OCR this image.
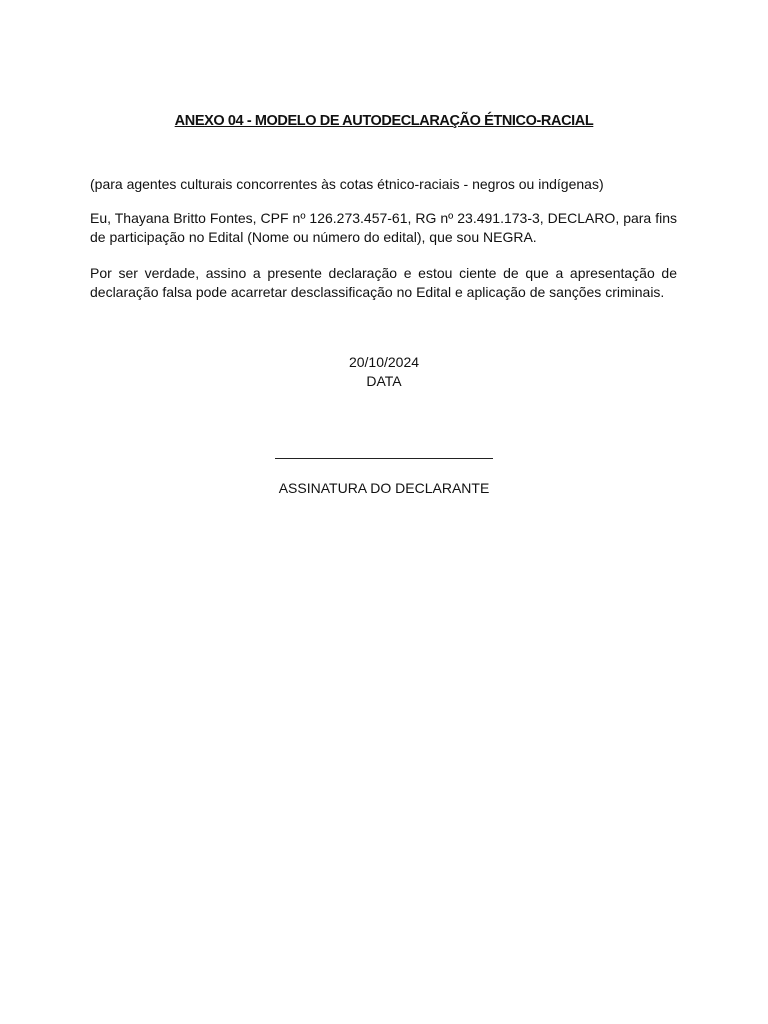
ANEXO 04 - MODELO DE AUTODECLARAÇÃO ÉTNICO-RACIAL
(para agentes culturais concorrentes às cotas étnico-raciais - negros ou indígenas)
Eu, Thayana Britto Fontes, CPF nº 126.273.457-61, RG nº 23.491.173-3, DECLARO, para fins de participação no Edital (Nome ou número do edital), que sou NEGRA.
Por ser verdade, assino a presente declaração e estou ciente de que a apresentação de declaração falsa pode acarretar desclassificação no Edital e aplicação de sanções criminais.
20/10/2024
DATA
ASSINATURA DO DECLARANTE
